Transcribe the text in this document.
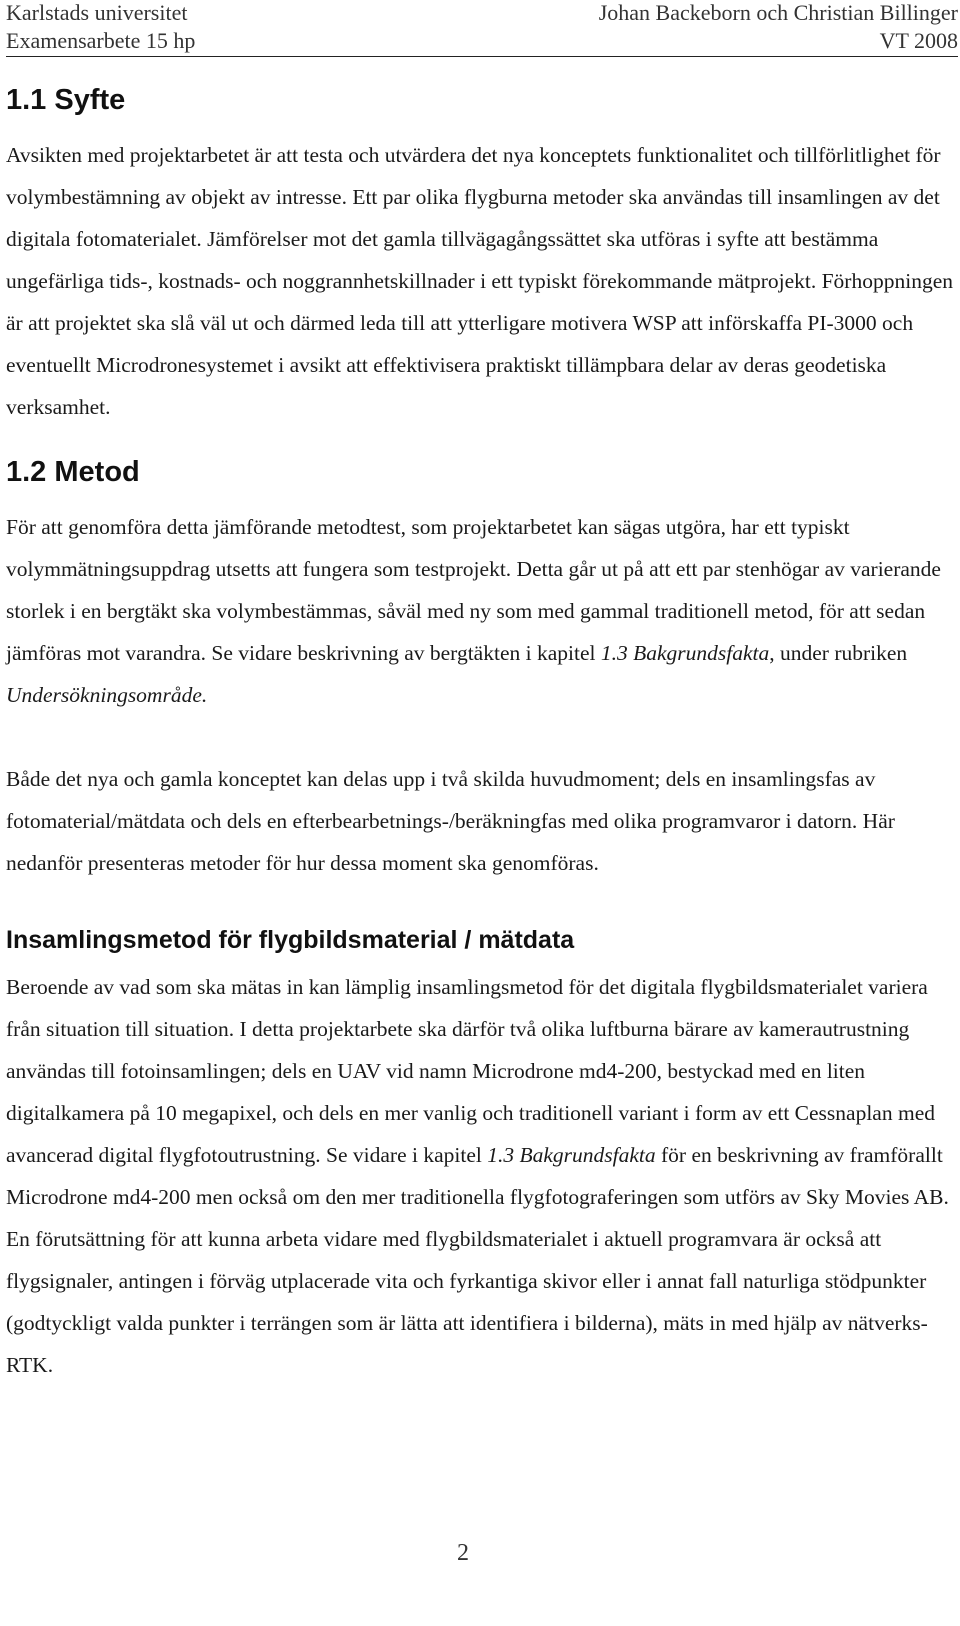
Karlstads universitet
Examensarbete 15 hp
Johan Backeborn och Christian Billinger
VT 2008
1.1 Syfte

Avsikten med projektarbetet är att testa och utvärdera det nya konceptets funktionalitet och tillförlitlighet för volymbestämning av objekt av intresse. Ett par olika flygburna metoder ska användas till insamlingen av det digitala fotomaterialet. Jämförelser mot det gamla tillvägagångssättet ska utföras i syfte att bestämma ungefärliga tids-, kostnads- och noggrannhetskillnader i ett typiskt förekommande mätprojekt. Förhoppningen är att projektet ska slå väl ut och därmed leda till att ytterligare motivera WSP att införskaffa PI-3000 och eventuellt Microdronesystemet i avsikt att effektivisera praktiskt tillämpbara delar av deras geodetiska verksamhet.

1.2 Metod

För att genomföra detta jämförande metodtest, som projektarbetet kan sägas utgöra, har ett typiskt volymmätningsuppdrag utsetts att fungera som testprojekt. Detta går ut på att ett par stenhögar av varierande storlek i en bergtäkt ska volymbestämmas, såväl med ny som med gammal traditionell metod, för att sedan jämföras mot varandra. Se vidare beskrivning av bergtäkten i kapitel 1.3 Bakgrundsfakta, under rubriken Undersökningsområde.

Både det nya och gamla konceptet kan delas upp i två skilda huvudmoment; dels en insamlingsfas av fotomaterial/mätdata och dels en efterbearbetnings-/beräkningfas med olika programvaror i datorn. Här nedanför presenteras metoder för hur dessa moment ska genomföras.

Insamlingsmetod för flygbildsmaterial / mätdata

Beroende av vad som ska mätas in kan lämplig insamlingsmetod för det digitala flygbildsmaterialet variera från situation till situation. I detta projektarbete ska därför två olika luftburna bärare av kamerautrustning användas till fotoinsamlingen; dels en UAV vid namn Microdrone md4-200, bestyckad med en liten digitalkamera på 10 megapixel, och dels en mer vanlig och traditionell variant i form av ett Cessnaplan med avancerad digital flygfotoutrustning. Se vidare i kapitel 1.3 Bakgrundsfakta för en beskrivning av framförallt Microdrone md4-200 men också om den mer traditionella flygfotograferingen som utförs av Sky Movies AB. En förutsättning för att kunna arbeta vidare med flygbildsmaterialet i aktuell programvara är också att flygsignaler, antingen i förväg utplacerade vita och fyrkantiga skivor eller i annat fall naturliga stödpunkter (godtyckligt valda punkter i terrängen som är lätta att identifiera i bilderna), mäts in med hjälp av nätverks-RTK.

2
